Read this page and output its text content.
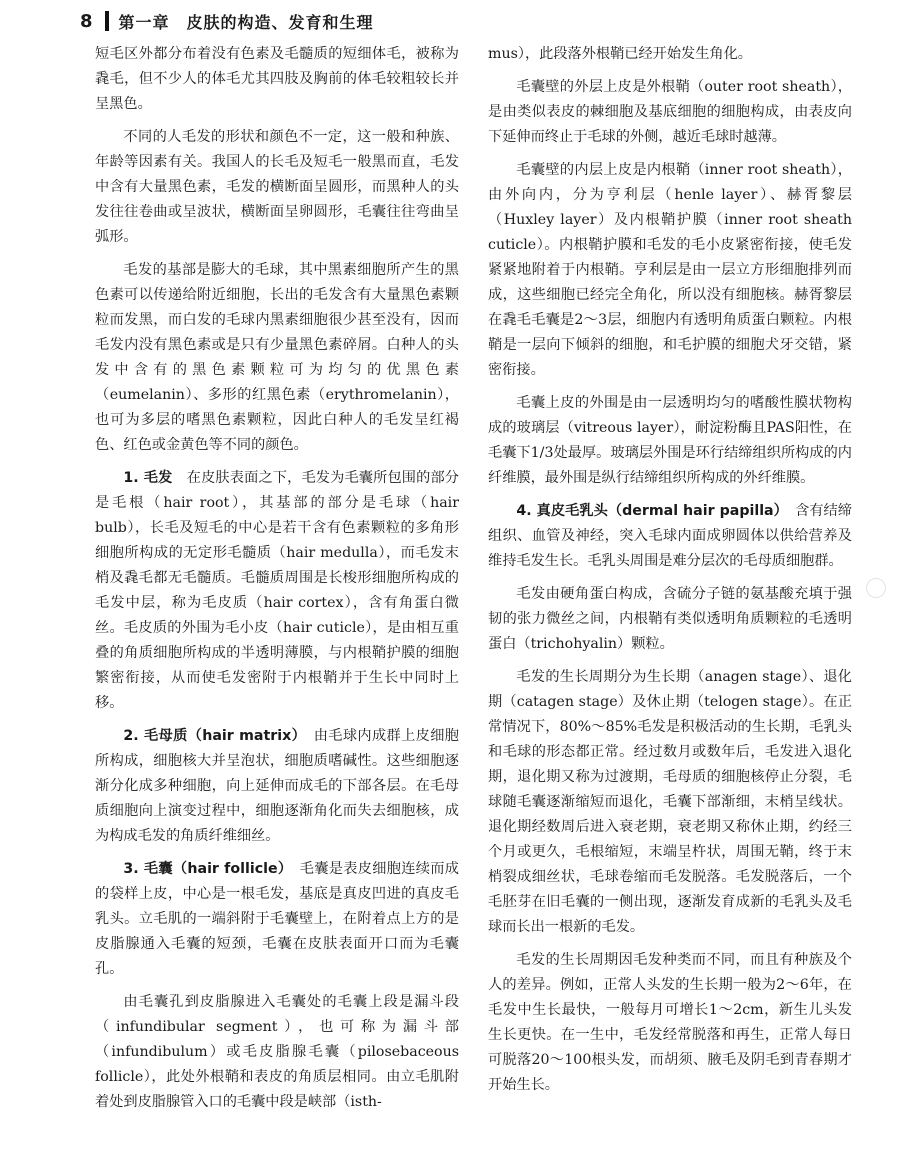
8 第一章　皮肤的构造、发育和生理

短毛区外都分布着没有色素及毛髓质的短细体毛，被称为毳毛，但不少人的体毛尤其四肢及胸前的体毛较粗较长并呈黑色。

不同的人毛发的形状和颜色不一定，这一般和种族、年龄等因素有关。我国人的长毛及短毛一般黑而直，毛发中含有大量黑色素，毛发的横断面呈圆形，而黑种人的头发往往卷曲或呈波状，横断面呈卵圆形，毛囊往往弯曲呈弧形。

毛发的基部是膨大的毛球，其中黑素细胞所产生的黑色素可以传递给附近细胞，长出的毛发含有大量黑色素颗粒而发黑，而白发的毛球内黑素细胞很少甚至没有，因而毛发内没有黑色素或是只有少量黑色素碎屑。白种人的头发中含有的黑色素颗粒可为均匀的优黑色素（eumelanin）、多形的红黑色素（erythromelanin），也可为多层的嗜黑色素颗粒，因此白种人的毛发呈红褐色、红色或金黄色等不同的颜色。

1. 毛发　 在皮肤表面之下，毛发为毛囊所包围的部分是毛根（hair root），其基部的部分是毛球（hair bulb），长毛及短毛的中心是若干含有色素颗粒的多角形细胞所构成的无定形毛髓质（hair medulla），而毛发末梢及毳毛都无毛髓质。毛髓质周围是长梭形细胞所构成的毛发中层，称为毛皮质（hair cortex），含有角蛋白微丝。毛皮质的外围为毛小皮（hair cuticle），是由相互重叠的角质细胞所构成的半透明薄膜，与内根鞘护膜的细胞繁密衔接，从而使毛发密附于内根鞘并于生长中同时上移。

2. 毛母质（hair matrix）　 由毛球内成群上皮细胞所构成，细胞核大并呈泡状，细胞质嗜碱性。这些细胞逐渐分化成多种细胞，向上延伸而成毛的下部各层。在毛母质细胞向上演变过程中，细胞逐渐角化而失去细胞核，成为构成毛发的角质纤维细丝。

3. 毛囊（hair follicle）　 毛囊是表皮细胞连续而成的袋样上皮，中心是一根毛发，基底是真皮凹进的真皮毛乳头。立毛肌的一端斜附于毛囊壁上，在附着点上方的是皮脂腺通入毛囊的短颈，毛囊在皮肤表面开口而为毛囊孔。

由毛囊孔到皮脂腺进入毛囊处的毛囊上段是漏斗段（infundibular segment），也可称为漏斗部（infundibulum）或毛皮脂腺毛囊（pilosebaceous follicle），此处外根鞘和表皮的角质层相同。由立毛肌附着处到皮脂腺管入口的毛囊中段是峡部（isth-

mus），此段落外根鞘已经开始发生角化。

毛囊壁的外层上皮是外根鞘（outer root sheath），是由类似表皮的棘细胞及基底细胞的细胞构成，由表皮向下延伸而终止于毛球的外侧，越近毛球时越薄。

毛囊壁的内层上皮是内根鞘（inner root sheath），由外向内，分为亨利层（henle layer）、赫胥黎层（Huxley layer）及内根鞘护膜（inner root sheath cuticle）。内根鞘护膜和毛发的毛小皮紧密衔接，使毛发紧紧地附着于内根鞘。亨利层是由一层立方形细胞排列而成，这些细胞已经完全角化，所以没有细胞核。赫胥黎层在毳毛毛囊是2～3层，细胞内有透明角质蛋白颗粒。内根鞘是一层向下倾斜的细胞，和毛护膜的细胞犬牙交错，紧密衔接。

毛囊上皮的外围是由一层透明均匀的嗜酸性膜状物构成的玻璃层（vitreous layer），耐淀粉酶且PAS阳性，在毛囊下1/3处最厚。玻璃层外围是环行结缔组织所构成的内纤维膜，最外围是纵行结缔组织所构成的外纤维膜。

4. 真皮毛乳头（dermal hair papilla）　 含有结缔组织、血管及神经，突入毛球内面成卵圆体以供给营养及维持毛发生长。毛乳头周围是难分层次的毛母质细胞群。

毛发由硬角蛋白构成，含硫分子链的氨基酸充填于强韧的张力微丝之间，内根鞘有类似透明角质颗粒的毛透明蛋白（trichohyalin）颗粒。

毛发的生长周期分为生长期（anagen stage）、退化期（catagen stage）及休止期（telogen stage）。在正常情况下，80%～85%毛发是积极活动的生长期，毛乳头和毛球的形态都正常。经过数月或数年后，毛发进入退化期，退化期又称为过渡期，毛母质的细胞核停止分裂，毛球随毛囊逐渐缩短而退化，毛囊下部渐细，末梢呈线状。退化期经数周后进入衰老期，衰老期又称休止期，约经三个月或更久，毛根缩短，末端呈杵状，周围无鞘，终于末梢裂成细丝状，毛球卷缩而毛发脱落。毛发脱落后，一个毛胚芽在旧毛囊的一侧出现，逐渐发育成新的毛乳头及毛球而长出一根新的毛发。

毛发的生长周期因毛发种类而不同，而且有种族及个人的差异。例如，正常人头发的生长期一般为2～6年，在毛发中生长最快，一般每月可增长1～2cm，新生儿头发生长更快。在一生中，毛发经常脱落和再生，正常人每日可脱落20～100根头发，而胡须、腋毛及阴毛到青春期才开始生长。
